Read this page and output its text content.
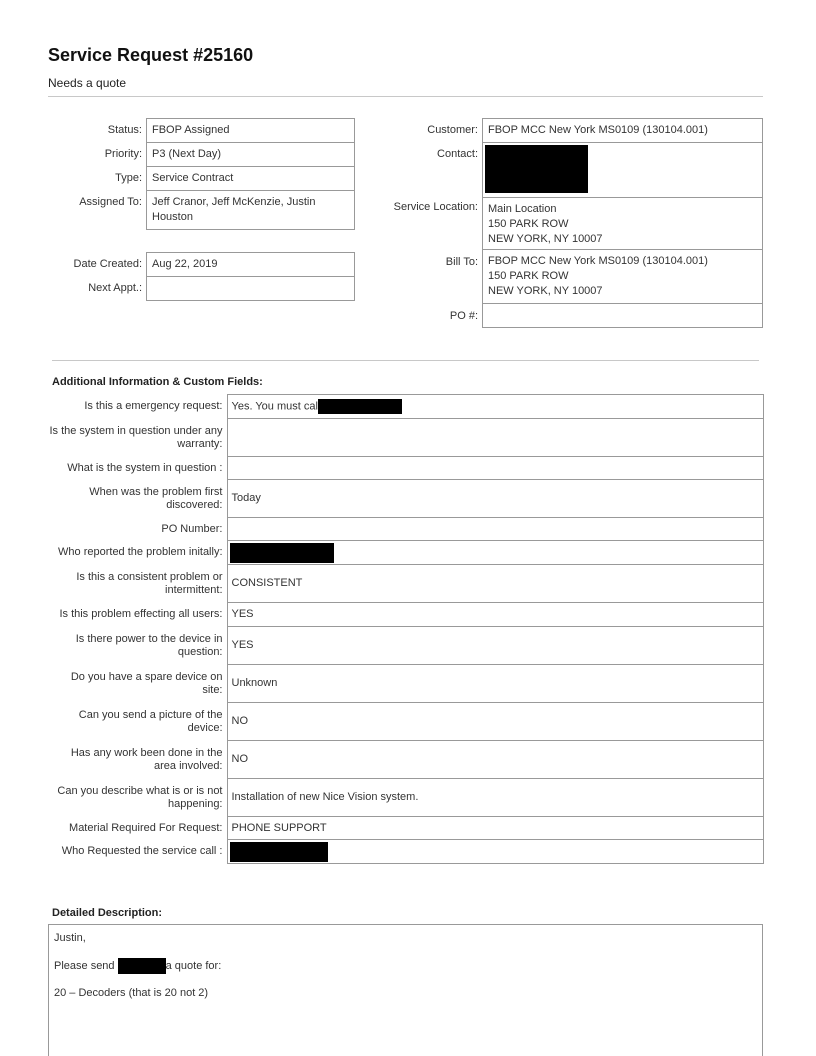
Service Request #25160
Needs a quote
Status: FBOP Assigned
Priority: P3 (Next Day)
Type: Service Contract
Assigned To: Jeff Cranor, Jeff McKenzie, Justin Houston
Date Created: Aug 22, 2019
Next Appt.:
Customer: FBOP MCC New York MS0109 (130104.001)
Contact:
Service Location: Main Location
150 PARK ROW
NEW YORK, NY 10007
Bill To: FBOP MCC New York MS0109 (130104.001)
150 PARK ROW
NEW YORK, NY 10007
PO #:
Additional Information & Custom Fields:
Is this a emergency request:	Yes. You must cal
Is the system in question under any warranty:	
What is the system in question :	
When was the problem first discovered:	Today
PO Number:	
Who reported the problem initally:	
Is this a consistent problem or intermittent:	CONSISTENT
Is this problem effecting all users:	YES
Is there power to the device in question:	YES
Do you have a spare device on site:	Unknown
Can you send a picture of the device:	NO
Has any work been done in the area involved:	NO
Can you describe what is or is not happening:	Installation of new Nice Vision system.
Material Required For Request:	PHONE SUPPORT
Who Requested the service call :	
Detailed Description:

Justin,

Please send	a quote for:

20 – Decoders (that is 20 not 2)
